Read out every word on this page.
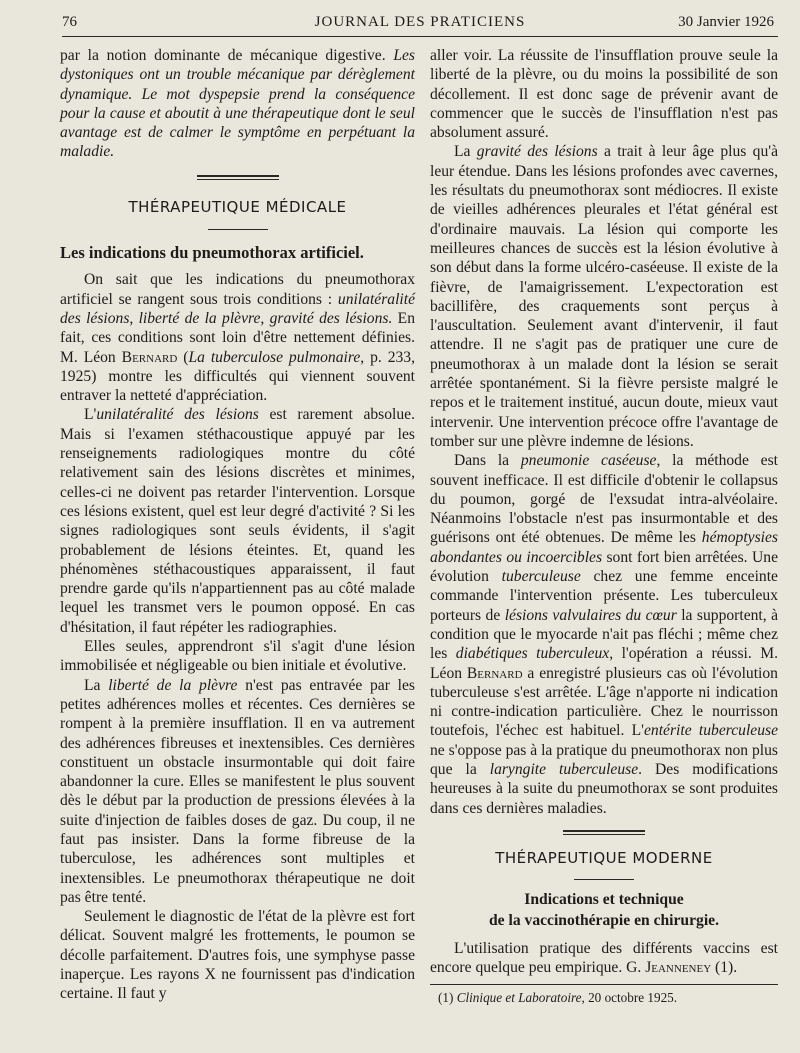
76	JOURNAL DES PRATICIENS	30 Janvier 1926

par la notion dominante de mécanique digestive. Les dystoniques ont un trouble mécanique par dérèglement dynamique. Le mot dyspepsie prend la conséquence pour la cause et aboutit à une thérapeutique dont le seul avantage est de calmer le symptôme en perpétuant la maladie.

THÉRAPEUTIQUE MÉDICALE
Les indications du pneumothorax artificiel.

On sait que les indications du pneumothorax artificiel se rangent sous trois conditions : unilatéralité des lésions, liberté de la plèvre, gravité des lésions. En fait, ces conditions sont loin d'être nettement définies. M. Léon Bernard (La tuberculose pulmonaire, p. 233, 1925) montre les difficultés qui viennent souvent entraver la netteté d'appréciation.

L'unilatéralité des lésions est rarement absolue. Mais si l'examen stéthacoustique appuyé par les renseignements radiologiques montre du côté relativement sain des lésions discrètes et minimes, celles-ci ne doivent pas retarder l'intervention. Lorsque ces lésions existent, quel est leur degré d'activité ? Si les signes radiologiques sont seuls évidents, il s'agit probablement de lésions éteintes. Et, quand les phénomènes stéthacoustiques apparaissent, il faut prendre garde qu'ils n'appartiennent pas au côté malade lequel les transmet vers le poumon opposé. En cas d'hésitation, il faut répéter les radiographies.

Elles seules, apprendront s'il s'agit d'une lésion immobilisée et négligeable ou bien initiale et évolutive.

La liberté de la plèvre n'est pas entravée par les petites adhérences molles et récentes. Ces dernières se rompent à la première insufflation. Il en va autrement des adhérences fibreuses et inextensibles. Ces dernières constituent un obstacle insurmontable qui doit faire abandonner la cure. Elles se manifestent le plus souvent dès le début par la production de pressions élevées à la suite d'injection de faibles doses de gaz. Du coup, il ne faut pas insister. Dans la forme fibreuse de la tuberculose, les adhérences sont multiples et inextensibles. Le pneumothorax thérapeutique ne doit pas être tenté.

Seulement le diagnostic de l'état de la plèvre est fort délicat. Souvent malgré les frottements, le poumon se décolle parfaitement. D'autres fois, une symphyse passe inaperçue. Les rayons X ne fournissent pas d'indication certaine. Il faut y

aller voir. La réussite de l'insufflation prouve seule la liberté de la plèvre, ou du moins la possibilité de son décollement. Il est donc sage de prévenir avant de commencer que le succès de l'insufflation n'est pas absolument assuré.

La gravité des lésions a trait à leur âge plus qu'à leur étendue. Dans les lésions profondes avec cavernes, les résultats du pneumothorax sont médiocres. Il existe de vieilles adhérences pleurales et l'état général est d'ordinaire mauvais. La lésion qui comporte les meilleures chances de succès est la lésion évolutive à son début dans la forme ulcéro-caséeuse. Il existe de la fièvre, de l'amaigrissement. L'expectoration est bacillifère, des craquements sont perçus à l'auscultation. Seulement avant d'intervenir, il faut attendre. Il ne s'agit pas de pratiquer une cure de pneumothorax à un malade dont la lésion se serait arrêtée spontanément. Si la fièvre persiste malgré le repos et le traitement institué, aucun doute, mieux vaut intervenir. Une intervention précoce offre l'avantage de tomber sur une plèvre indemne de lésions.

Dans la pneumonie caséeuse, la méthode est souvent inefficace. Il est difficile d'obtenir le collapsus du poumon, gorgé de l'exsudat intra-alvéolaire. Néanmoins l'obstacle n'est pas insurmontable et des guérisons ont été obtenues. De même les hémoptysies abondantes ou incoercibles sont fort bien arrêtées. Une évolution tuberculeuse chez une femme enceinte commande l'intervention présente. Les tuberculeux porteurs de lésions valvulaires du cœur la supportent, à condition que le myocarde n'ait pas fléchi ; même chez les diabétiques tuberculeux, l'opération a réussi. M. Léon Bernard a enregistré plusieurs cas où l'évolution tuberculeuse s'est arrêtée. L'âge n'apporte ni indication ni contre-indication particulière. Chez le nourrisson toutefois, l'échec est habituel. L'entérite tuberculeuse ne s'oppose pas à la pratique du pneumothorax non plus que la laryngite tuberculeuse. Des modifications heureuses à la suite du pneumothorax se sont produites dans ces dernières maladies.

THÉRAPEUTIQUE MODERNE
Indications et technique
de la vaccinothérapie en chirurgie.

L'utilisation pratique des différents vaccins est encore quelque peu empirique. G. Jeanneney (1).

(1) Clinique et Laboratoire, 20 octobre 1925.
